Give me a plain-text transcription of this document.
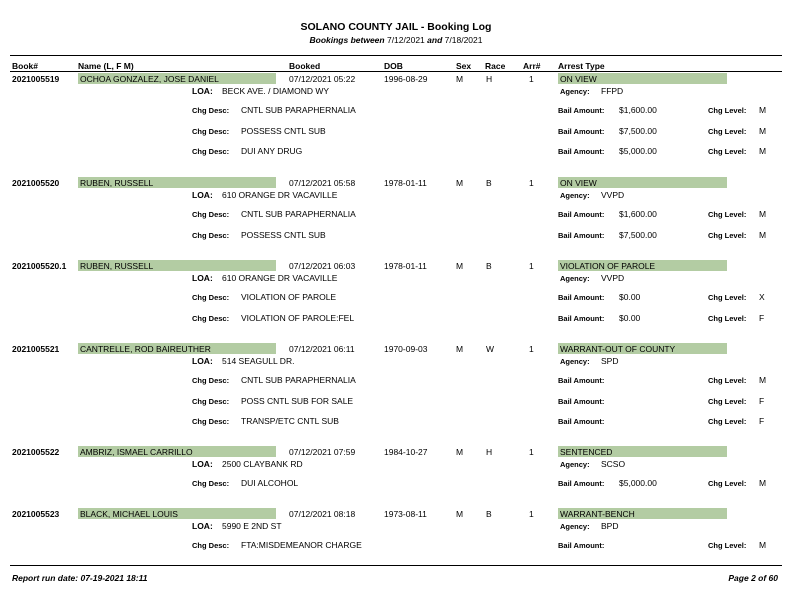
SOLANO COUNTY JAIL - Booking Log
Bookings between 7/12/2021 and 7/18/2021
Book#	Name (L, F M)	Booked	DOB	Sex Race Arr# Arrest Type
2021005519 OCHOA GONZALEZ, JOSE DANIEL	07/12/2021 05:22	1996-08-29	M	H	1	ON VIEW
LOA: BECK AVE. / DIAMOND WY	Agency: FFPD
Chg Desc: CNTL SUB PARAPHERNALIA	Bail Amount: $1,600.00	Chg Level: M
Chg Desc: POSSESS CNTL SUB	Bail Amount: $7,500.00	Chg Level: M
Chg Desc: DUI ANY DRUG	Bail Amount: $5,000.00	Chg Level: M
2021005520 RUBEN, RUSSELL	07/12/2021 05:58	1978-01-11	M	B	1	ON VIEW
LOA: 610 ORANGE DR VACAVILLE	Agency: VVPD
Chg Desc: CNTL SUB PARAPHERNALIA	Bail Amount: $1,600.00	Chg Level: M
Chg Desc: POSSESS CNTL SUB	Bail Amount: $7,500.00	Chg Level: M
2021005520.1 RUBEN, RUSSELL	07/12/2021 06:03	1978-01-11	M	B	1	VIOLATION OF PAROLE
LOA: 610 ORANGE DR VACAVILLE	Agency: VVPD
Chg Desc: VIOLATION OF PAROLE	Bail Amount: $0.00	Chg Level: X
Chg Desc: VIOLATION OF PAROLE:FEL	Bail Amount: $0.00	Chg Level: F
2021005521 CANTRELLE, ROD BAIREUTHER	07/12/2021 06:11	1970-09-03	M	W	1	WARRANT-OUT OF COUNTY
LOA: 514 SEAGULL DR.	Agency: SPD
Chg Desc: CNTL SUB PARAPHERNALIA	Bail Amount:	Chg Level: M
Chg Desc: POSS CNTL SUB FOR SALE	Bail Amount:	Chg Level: F
Chg Desc: TRANSP/ETC CNTL SUB	Bail Amount:	Chg Level: F
2021005522 AMBRIZ, ISMAEL CARRILLO	07/12/2021 07:59	1984-10-27	M	H	1	SENTENCED
LOA: 2500 CLAYBANK RD	Agency: SCSO
Chg Desc: DUI ALCOHOL	Bail Amount: $5,000.00	Chg Level: M
2021005523 BLACK, MICHAEL LOUIS	07/12/2021 08:18	1973-08-11	M	B	1	WARRANT-BENCH
LOA: 5990 E 2ND ST	Agency: BPD
Chg Desc: FTA:MISDEMEANOR CHARGE	Bail Amount:	Chg Level: M
Report run date: 07-19-2021 18:11	Page 2 of 60
